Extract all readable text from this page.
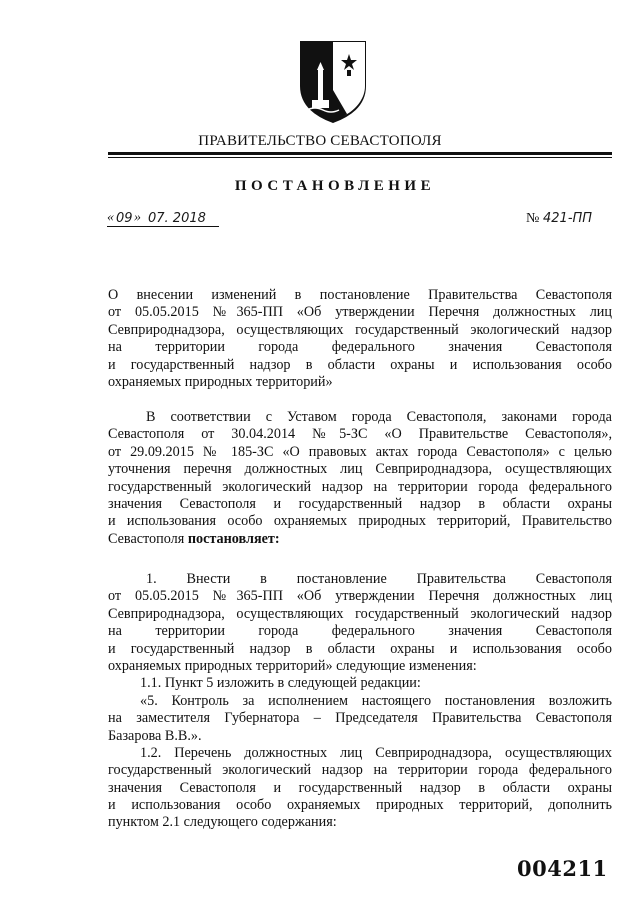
ПРАВИТЕЛЬСТВО СЕВАСТОПОЛЯ
ПОСТАНОВЛЕНИЕ
« 09 » 07. 2018	№ 421-ПП
О внесении изменений в постановление Правительства Севастополя
от 05.05.2015 №365-ПП «Об утверждении Перечня должностных лиц
Севприроднадзора, осуществляющих государственный экологический надзор
на территории города федерального значения Севастополя
и государственный надзор в области охраны и использования особо
охраняемых природных территорий»
В соответствии с Уставом города Севастополя, законами города
Севастополя от 30.04.2014 №5-ЗС «О Правительстве Севастополя»,
от 29.09.2015 № 185-ЗС «О правовых актах города Севастополя» с целью
уточнения перечня должностных лиц Севприроднадзора, осуществляющих
государственный экологический надзор на территории города федерального
значения Севастополя и государственный надзор в области охраны
и использования особо охраняемых природных территорий, Правительство
Севастополя постановляет:
1. Внести в постановление Правительства Севастополя
от 05.05.2015 №365-ПП «Об утверждении Перечня должностных лиц
Севприроднадзора, осуществляющих государственный экологический надзор
на территории города федерального значения Севастополя
и государственный надзор в области охраны и использования особо
охраняемых природных территорий» следующие изменения:
1.1. Пункт 5 изложить в следующей редакции:
«5. Контроль за исполнением настоящего постановления возложить
на заместителя Губернатора – Председателя Правительства Севастополя
Базарова В.В.».
1.2. Перечень должностных лиц Севприроднадзора, осуществляющих
государственный экологический надзор на территории города федерального
значения Севастополя и государственный надзор в области охраны
и использования особо охраняемых природных территорий, дополнить
пунктом 2.1 следующего содержания:
004211
